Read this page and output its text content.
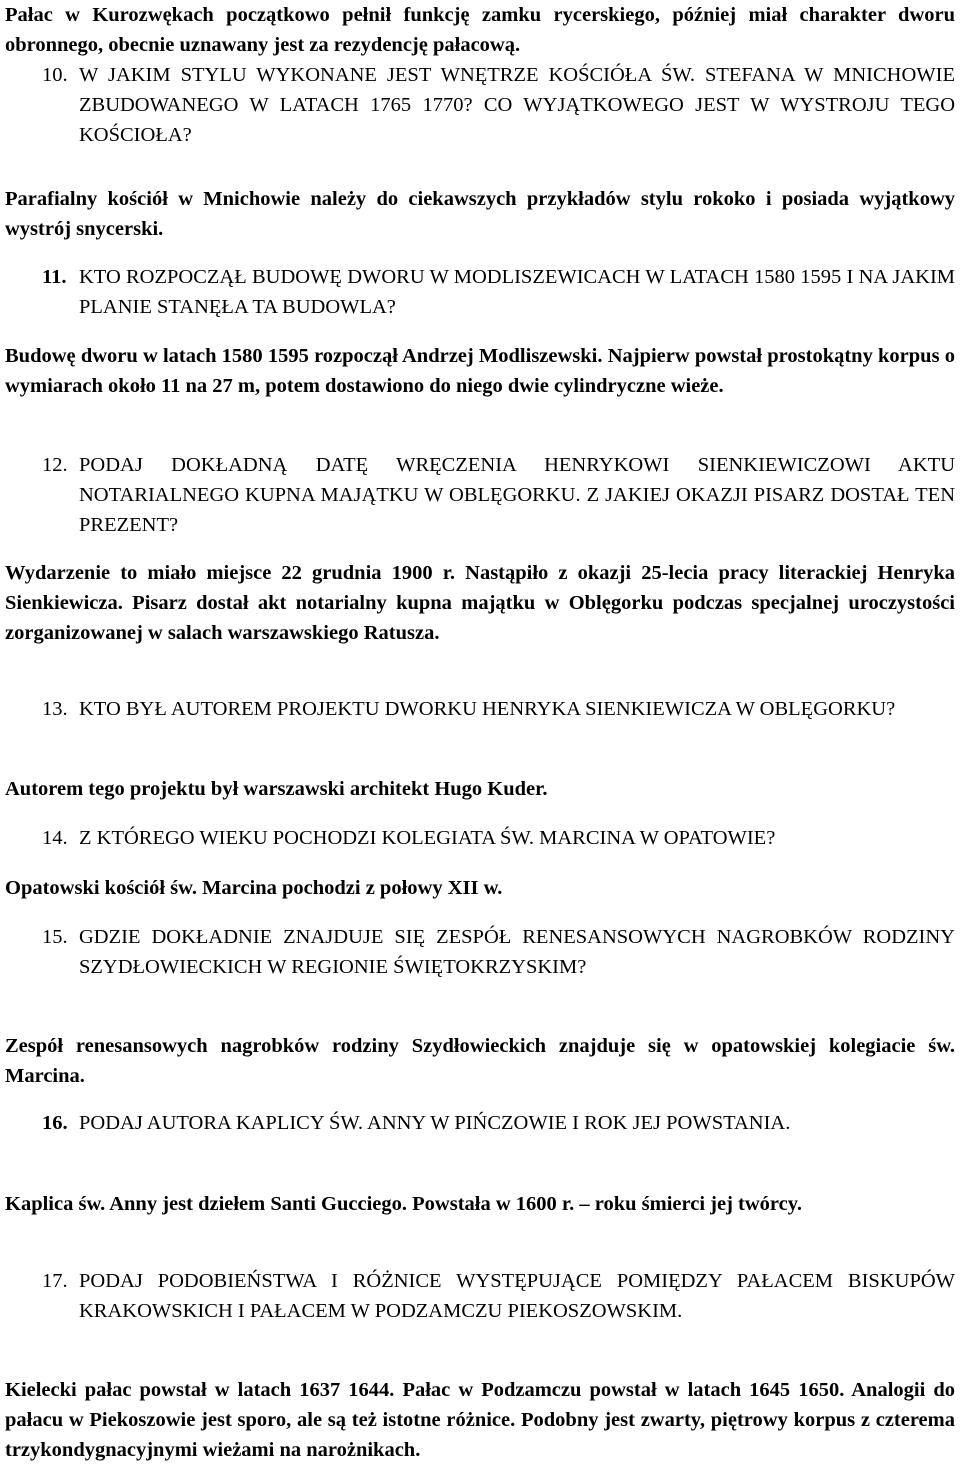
Pałac w Kurozwękach początkowo pełnił funkcję zamku rycerskiego, później miał charakter dworu obronnego, obecnie uznawany jest za rezydencję pałacową.

10. W JAKIM STYLU WYKONANE JEST WNĘTRZE KOŚCIÓŁA ŚW. STEFANA W MNICHOWIE ZBUDOWANEGO W LATACH 1765 1770? CO WYJĄTKOWEGO JEST W WYSTROJU TEGO KOŚCIOŁA?

Parafialny kościół w Mnichowie należy do ciekawszych przykładów stylu rokoko i posiada wyjątkowy wystrój snycerski.

11. KTO ROZPOCZĄŁ BUDOWĘ DWORU W MODLISZEWICACH W LATACH 1580 1595 I NA JAKIM PLANIE STANĘŁA TA BUDOWLA?

Budowę dworu w latach 1580 1595 rozpoczął Andrzej Modliszewski. Najpierw powstał prostokątny korpus o wymiarach około 11 na 27 m, potem dostawiono do niego dwie cylindryczne wieże.

12. PODAJ DOKŁADNĄ DATĘ WRĘCZENIA HENRYKOWI SIENKIEWICZOWI AKTU NOTARIALNEGO KUPNA MAJĄTKU W OBLĘGORKU. Z JAKIEJ OKAZJI PISARZ DOSTAŁ TEN PREZENT?

Wydarzenie to miało miejsce 22 grudnia 1900 r. Nastąpiło z okazji 25-lecia pracy literackiej Henryka Sienkiewicza. Pisarz dostał akt notarialny kupna majątku w Oblęgorku podczas specjalnej uroczystości zorganizowanej w salach warszawskiego Ratusza.

13. KTO BYŁ AUTOREM PROJEKTU DWORKU HENRYKA SIENKIEWICZA W OBLĘGORKU?

Autorem tego projektu był warszawski architekt Hugo Kuder.

14. Z KTÓREGO WIEKU POCHODZI KOLEGIATA ŚW. MARCINA W OPATOWIE?

Opatowski kościół św. Marcina pochodzi z połowy XII w.

15. GDZIE DOKŁADNIE ZNAJDUJE SIĘ ZESPÓŁ RENESANSOWYCH NAGROBKÓW RODZINY SZYDŁOWIECKICH W REGIONIE ŚWIĘTOKRZYSKIM?

Zespół renesansowych nagrobków rodziny Szydłowieckich znajduje się w opatowskiej kolegiacie św. Marcina.

16. PODAJ AUTORA KAPLICY ŚW. ANNY W PIŃCZOWIE I ROK JEJ POWSTANIA.

Kaplica św. Anny jest dziełem Santi Gucciego. Powstała w 1600 r. – roku śmierci jej twórcy.

17. PODAJ PODOBIEŃSTWA I RÓŻNICE WYSTĘPUJĄCE POMIĘDZY PAŁACEM BISKUPÓW KRAKOWSKICH I PAŁACEM W PODZAMCZU PIEKOSZOWSKIM.

Kielecki pałac powstał w latach 1637 1644. Pałac w Podzamczu powstał w latach 1645 1650. Analogii do pałacu w Piekoszowie jest sporo, ale są też istotne różnice. Podobny jest zwarty, piętrowy korpus z czterema trzykondygnacyjnymi wieżami na narożnikach.
